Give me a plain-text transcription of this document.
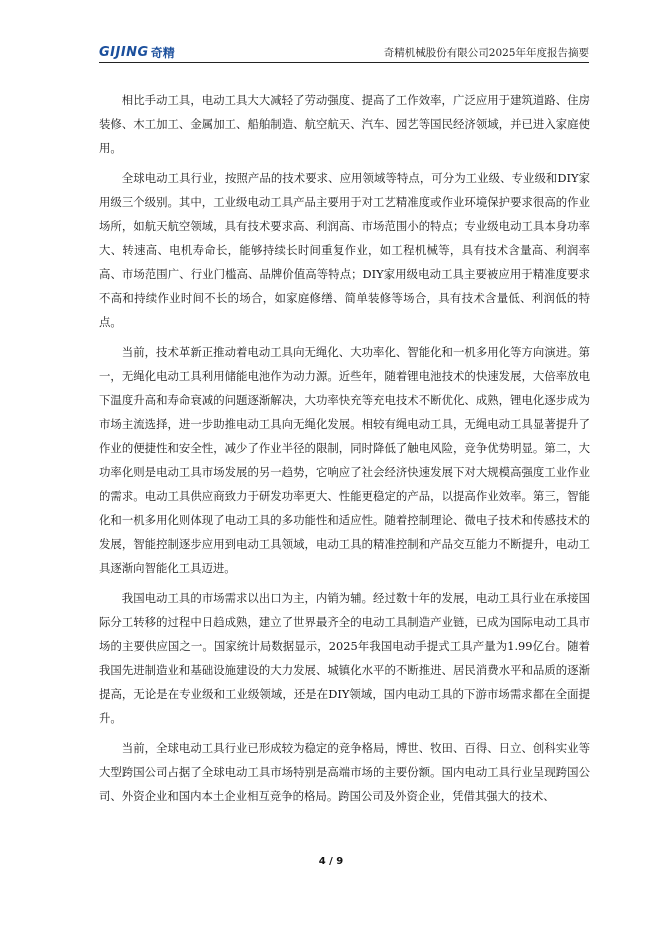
GIJING 奇精	奇精机械股份有限公司2025年年度报告摘要

相比手动工具，电动工具大大减轻了劳动强度、提高了工作效率，广泛应用于建筑道路、住房装修、木工加工、金属加工、船舶制造、航空航天、汽车、园艺等国民经济领域，并已进入家庭使用。

全球电动工具行业，按照产品的技术要求、应用领域等特点，可分为工业级、专业级和DIY家用级三个级别。其中，工业级电动工具产品主要用于对工艺精准度或作业环境保护要求很高的作业场所，如航天航空领域，具有技术要求高、利润高、市场范围小的特点；专业级电动工具本身功率大、转速高、电机寿命长，能够持续长时间重复作业，如工程机械等，具有技术含量高、利润率高、市场范围广、行业门槛高、品牌价值高等特点；DIY家用级电动工具主要被应用于精准度要求不高和持续作业时间不长的场合，如家庭修缮、简单装修等场合，具有技术含量低、利润低的特点。

当前，技术革新正推动着电动工具向无绳化、大功率化、智能化和一机多用化等方向演进。第一，无绳化电动工具利用储能电池作为动力源。近些年，随着锂电池技术的快速发展，大倍率放电下温度升高和寿命衰减的问题逐渐解决，大功率快充等充电技术不断优化、成熟，锂电化逐步成为市场主流选择，进一步助推电动工具向无绳化发展。相较有绳电动工具，无绳电动工具显著提升了作业的便捷性和安全性，减少了作业半径的限制，同时降低了触电风险，竞争优势明显。第二，大功率化则是电动工具市场发展的另一趋势，它响应了社会经济快速发展下对大规模高强度工业作业的需求。电动工具供应商致力于研发功率更大、性能更稳定的产品，以提高作业效率。第三，智能化和一机多用化则体现了电动工具的多功能性和适应性。随着控制理论、微电子技术和传感技术的发展，智能控制逐步应用到电动工具领域，电动工具的精准控制和产品交互能力不断提升，电动工具逐渐向智能化工具迈进。

我国电动工具的市场需求以出口为主，内销为辅。经过数十年的发展，电动工具行业在承接国际分工转移的过程中日趋成熟，建立了世界最齐全的电动工具制造产业链，已成为国际电动工具市场的主要供应国之一。国家统计局数据显示，2025年我国电动手提式工具产量为1.99亿台。随着我国先进制造业和基础设施建设的大力发展、城镇化水平的不断推进、居民消费水平和品质的逐渐提高，无论是在专业级和工业级领域，还是在DIY领域，国内电动工具的下游市场需求都在全面提升。

当前，全球电动工具行业已形成较为稳定的竞争格局，博世、牧田、百得、日立、创科实业等大型跨国公司占据了全球电动工具市场特别是高端市场的主要份额。国内电动工具行业呈现跨国公司、外资企业和国内本土企业相互竞争的格局。跨国公司及外资企业，凭借其强大的技术、

4 / 9
